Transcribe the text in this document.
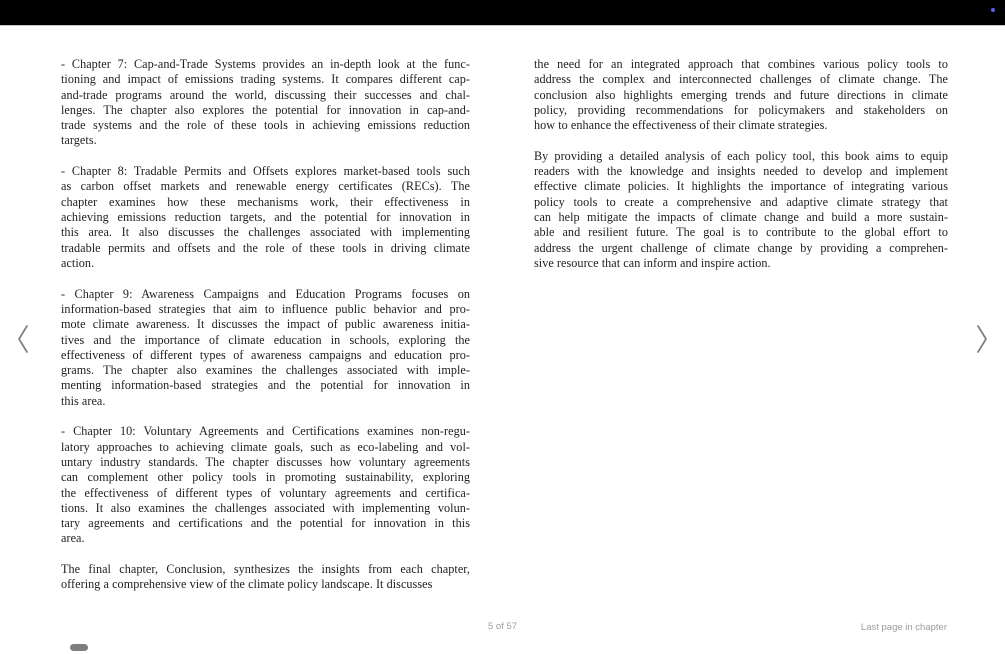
- Chapter 7: Cap-and-Trade Systems provides an in-depth look at the func-
tioning and impact of emissions trading systems. It compares different cap-
and-trade programs around the world, discussing their successes and chal-
lenges. The chapter also explores the potential for innovation in cap-and-
trade systems and the role of these tools in achieving emissions reduction
targets.
- Chapter 8: Tradable Permits and Offsets explores market-based tools such
as carbon offset markets and renewable energy certificates (RECs). The
chapter examines how these mechanisms work, their effectiveness in
achieving emissions reduction targets, and the potential for innovation in
this area. It also discusses the challenges associated with implementing
tradable permits and offsets and the role of these tools in driving climate
action.
- Chapter 9: Awareness Campaigns and Education Programs focuses on
information-based strategies that aim to influence public behavior and pro-
mote climate awareness. It discusses the impact of public awareness initia-
tives and the importance of climate education in schools, exploring the
effectiveness of different types of awareness campaigns and education pro-
grams. The chapter also examines the challenges associated with imple-
menting information-based strategies and the potential for innovation in
this area.
- Chapter 10: Voluntary Agreements and Certifications examines non-regu-
latory approaches to achieving climate goals, such as eco-labeling and vol-
untary industry standards. The chapter discusses how voluntary agreements
can complement other policy tools in promoting sustainability, exploring
the effectiveness of different types of voluntary agreements and certifica-
tions. It also examines the challenges associated with implementing volun-
tary agreements and certifications and the potential for innovation in this
area.
The final chapter, Conclusion, synthesizes the insights from each chapter,
offering a comprehensive view of the climate policy landscape. It discusses
the need for an integrated approach that combines various policy tools to
address the complex and interconnected challenges of climate change. The
conclusion also highlights emerging trends and future directions in climate
policy, providing recommendations for policymakers and stakeholders on
how to enhance the effectiveness of their climate strategies.
By providing a detailed analysis of each policy tool, this book aims to equip
readers with the knowledge and insights needed to develop and implement
effective climate policies. It highlights the importance of integrating various
policy tools to create a comprehensive and adaptive climate strategy that
can help mitigate the impacts of climate change and build a more sustain-
able and resilient future. The goal is to contribute to the global effort to
address the urgent challenge of climate change by providing a comprehen-
sive resource that can inform and inspire action.
5 of 57	Last page in chapter
